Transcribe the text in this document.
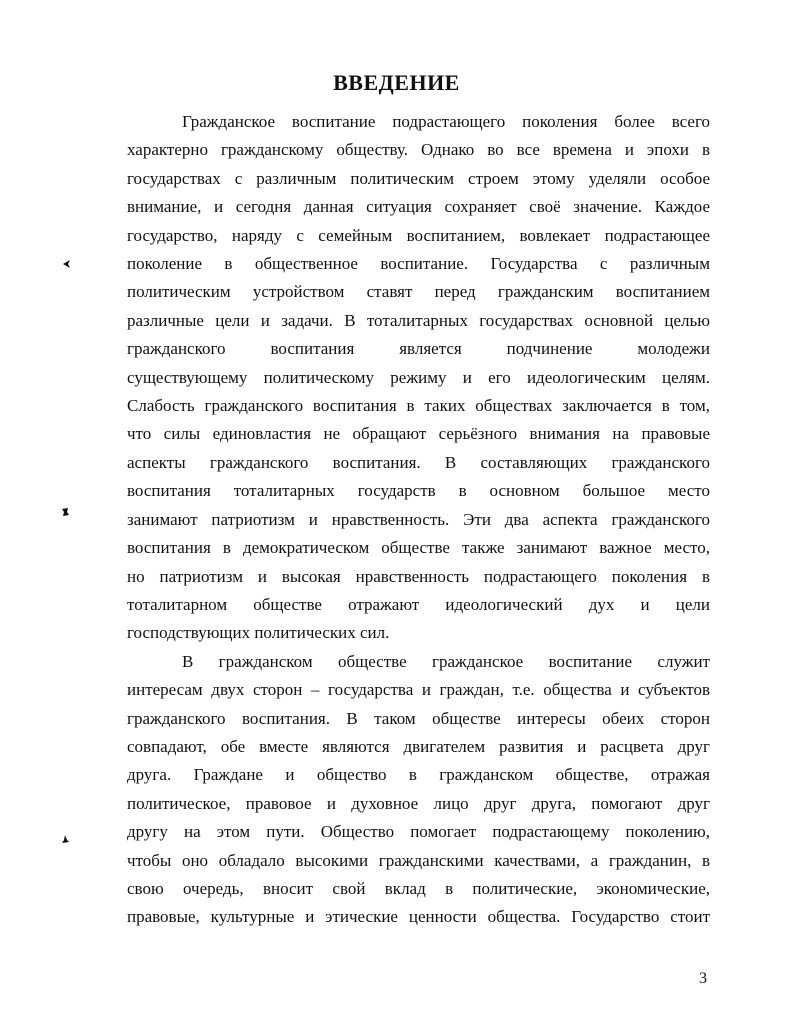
ВВЕДЕНИЕ

Гражданское воспитание подрастающего поколения более всего
характерно гражданскому обществу. Однако во все времена и эпохи в
государствах с различным политическим строем этому уделяли особое
внимание, и сегодня данная ситуация сохраняет своё значение. Каждое
государство, наряду с семейным воспитанием, вовлекает подрастающее
поколение в общественное воспитание. Государства с различным
политическим устройством ставят перед гражданским воспитанием
различные цели и задачи. В тоталитарных государствах основной целью
гражданского воспитания является подчинение молодежи
существующему политическому режиму и его идеологическим целям.
Слабость гражданского воспитания в таких обществах заключается в том,
что силы единовластия не обращают серьёзного внимания на правовые
аспекты гражданского воспитания. В составляющих гражданского
воспитания тоталитарных государств в основном большое место
занимают патриотизм и нравственность. Эти два аспекта гражданского
воспитания в демократическом обществе также занимают важное место,
но патриотизм и высокая нравственность подрастающего поколения в
тоталитарном обществе отражают идеологический дух и цели
господствующих политических сил.

В гражданском обществе гражданское воспитание служит
интересам двух сторон – государства и граждан, т.е. общества и субъектов
гражданского воспитания. В таком обществе интересы обеих сторон
совпадают, обе вместе являются двигателем развития и расцвета друг
друга. Граждане и общество в гражданском обществе, отражая
политическое, правовое и духовное лицо друг друга, помогают друг
другу на этом пути. Общество помогает подрастающему поколению,
чтобы оно обладало высокими гражданскими качествами, а гражданин, в
свою очередь, вносит свой вклад в политические, экономические,
правовые, культурные и этические ценности общества. Государство стоит

3
